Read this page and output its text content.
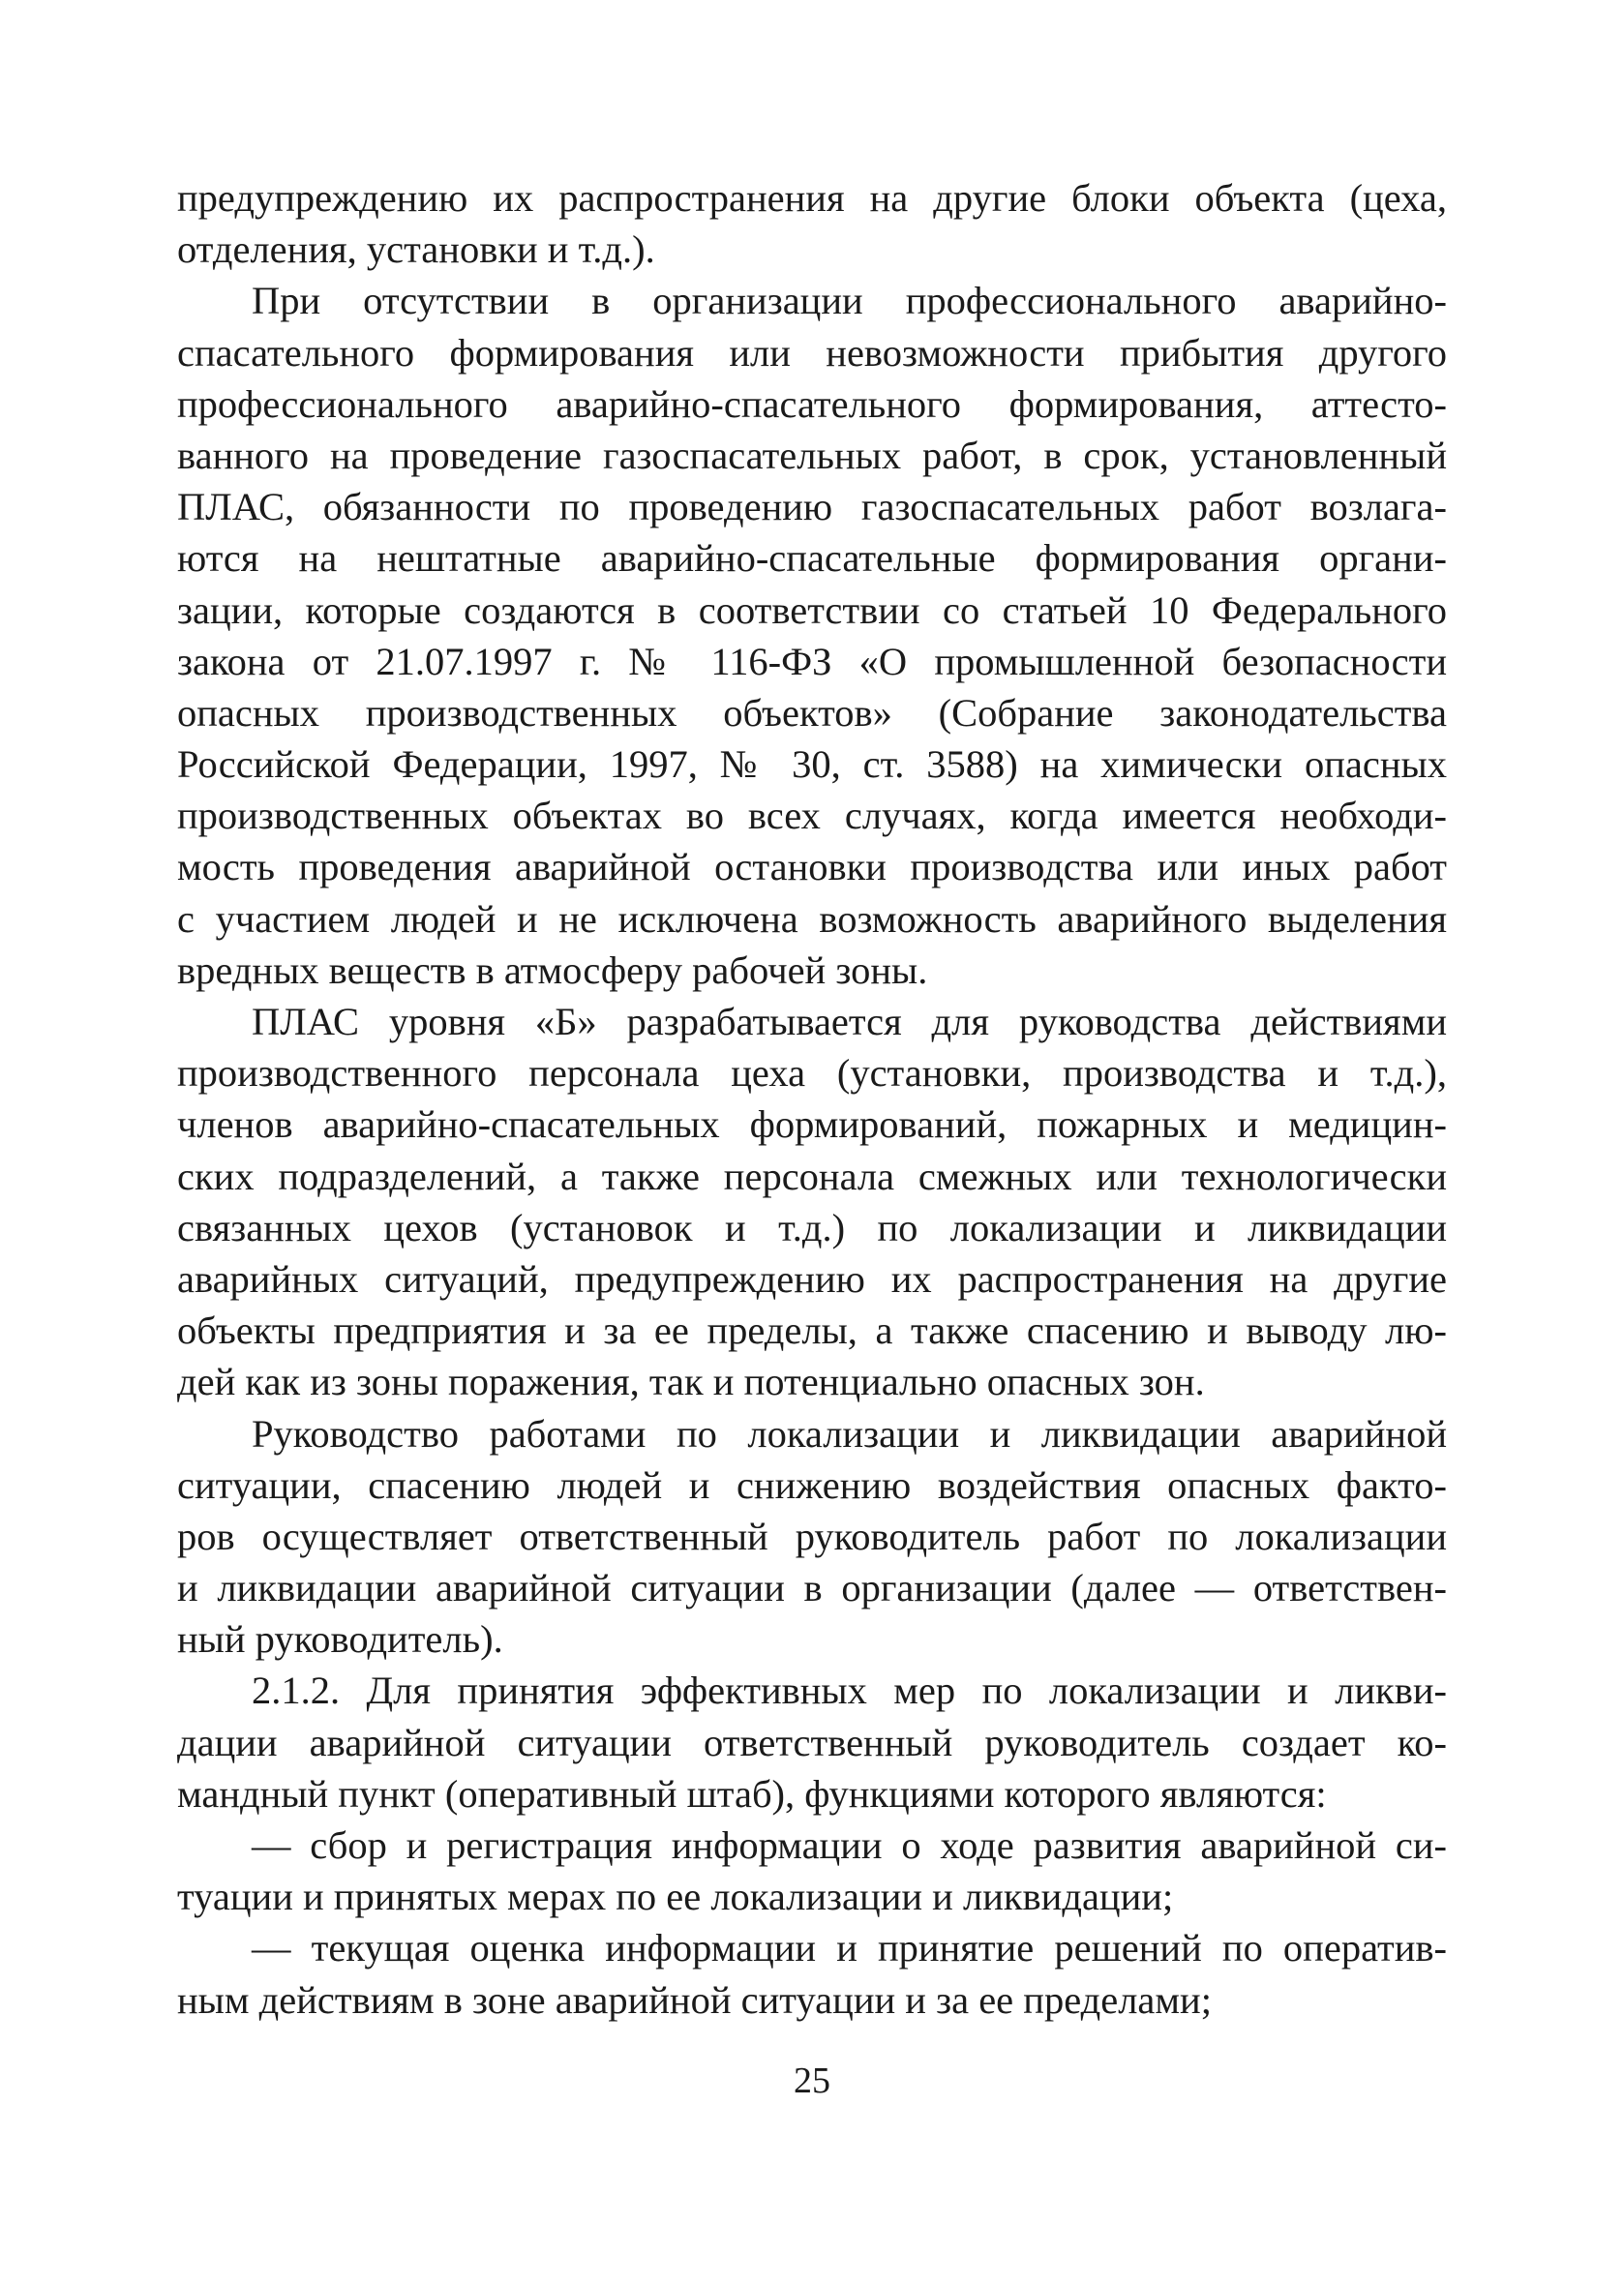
предупреждению их распространения на другие блоки объекта (цеха,
отделения, установки и т.д.).
При отсутствии в организации профессионального аварийно-
спасательного формирования или невозможности прибытия другого
профессионального аварийно-спасательного формирования, аттесто-
ванного на проведение газоспасательных работ, в срок, установленный
ПЛАС, обязанности по проведению газоспасательных работ возлага-
ются на нештатные аварийно-спасательные формирования органи-
зации, которые создаются в соответствии со статьей 10 Федерального
закона от 21.07.1997 г. № 116-ФЗ «О промышленной безопасности
опасных производственных объектов» (Собрание законодательства
Российской Федерации, 1997, № 30, ст. 3588) на химически опасных
производственных объектах во всех случаях, когда имеется необходи-
мость проведения аварийной остановки производства или иных работ
с участием людей и не исключена возможность аварийного выделения
вредных веществ в атмосферу рабочей зоны.
ПЛАС уровня «Б» разрабатывается для руководства действиями
производственного персонала цеха (установки, производства и т.д.),
членов аварийно-спасательных формирований, пожарных и медицин-
ских подразделений, а также персонала смежных или технологически
связанных цехов (установок и т.д.) по локализации и ликвидации
аварийных ситуаций, предупреждению их распространения на другие
объекты предприятия и за ее пределы, а также спасению и выводу лю-
дей как из зоны поражения, так и потенциально опасных зон.
Руководство работами по локализации и ликвидации аварийной
ситуации, спасению людей и снижению воздействия опасных факто-
ров осуществляет ответственный руководитель работ по локализации
и ликвидации аварийной ситуации в организации (далее — ответствен-
ный руководитель).
2.1.2. Для принятия эффективных мер по локализации и ликви-
дации аварийной ситуации ответственный руководитель создает ко-
мандный пункт (оперативный штаб), функциями которого являются:
— сбор и регистрация информации о ходе развития аварийной си-
туации и принятых мерах по ее локализации и ликвидации;
— текущая оценка информации и принятие решений по оператив-
ным действиям в зоне аварийной ситуации и за ее пределами;
25
